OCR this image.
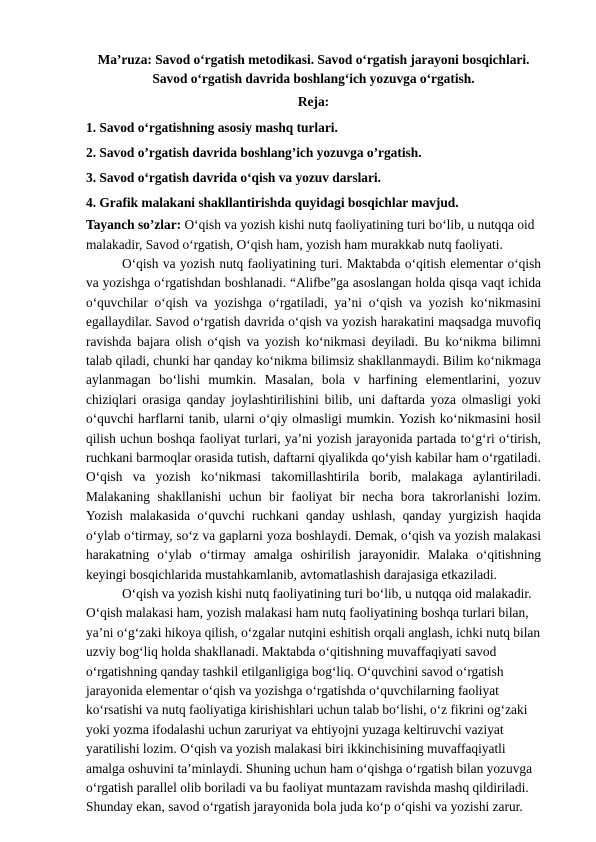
Ma’ruza: Savod o‘rgatish metodikasi. Savod o‘rgatish jarayoni bosqichlari.
Savod o‘rgatish davrida boshlang‘ich yozuvga o‘rgatish.
Reja:
1. Savod o‘rgatishning asosiy mashq turlari.
2. Savod o’rgatish davrida boshlang’ich yozuvga o’rgatish.
3. Savod o‘rgatish davrida o‘qish va yozuv darslari.
4. Grafik malakani shakllantirishda quyidagi bosqichlar mavjud.

Tayanch so’zlar: O‘qish va yozish kishi nutq faoliyatining turi bo‘lib, u nutqqa oid malakadir, Savod o‘rgatish, O‘qish ham, yozish ham murakkab nutq faoliyati.

O‘qish va yozish nutq faoliyatining turi. Maktabda o‘qitish elementar o‘qish va yozishga o‘rgatishdan boshlanadi. “Alifbe”ga asoslangan holda qisqa vaqt ichida o‘quvchilar o‘qish va yozishga o‘rgatiladi, ya’ni o‘qish va yozish ko‘nikmasini egallaydilar. Savod o‘rgatish davrida o‘qish va yozish harakatini maqsadga muvofiq ravishda bajara olish o‘qish va yozish ko‘nikmasi deyiladi. Bu ko‘nikma bilimni talab qiladi, chunki har qanday ko‘nikma bilimsiz shakllanmaydi. Bilim ko‘nikmaga aylanmagan bo‘lishi mumkin. Masalan, bola v harfining elementlarini, yozuv chiziqlari orasiga qanday joylashtirilishini bilib, uni daftarda yoza olmasligi yoki o‘quvchi harflarni tanib, ularni o‘qiy olmasligi mumkin. Yozish ko‘nikmasini hosil qilish uchun boshqa faoliyat turlari, ya’ni yozish jarayonida partada to‘g‘ri o‘tirish, ruchkani barmoqlar orasida tutish, daftarni qiyalikda qo‘yish kabilar ham o‘rgatiladi. O‘qish va yozish ko‘nikmasi takomillashtirila borib, malakaga aylantiriladi. Malakaning shakllanishi uchun bir faoliyat bir necha bora takrorlanishi lozim. Yozish malakasida o‘quvchi ruchkani qanday ushlash, qanday yurgizish haqida o‘ylab o‘tirmay, so‘z va gaplarni yoza boshlaydi. Demak, o‘qish va yozish malakasi harakatning o‘ylab o‘tirmay amalga oshirilish jarayonidir. Malaka o‘qitishning keyingi bosqichlarida mustahkamlanib, avtomatlashish darajasiga etkaziladi.

O‘qish va yozish kishi nutq faoliyatining turi bo‘lib, u nutqqa oid malakadir. O‘qish malakasi ham, yozish malakasi ham nutq faoliyatining boshqa turlari bilan, ya’ni o‘g‘zaki hikoya qilish, o‘zgalar nutqini eshitish orqali anglash, ichki nutq bilan uzviy bog‘liq holda shakllanadi. Maktabda o‘qitishning muvaffaqiyati savod o‘rgatishning qanday tashkil etilganligiga bog‘liq. O‘quvchini savod o‘rgatish jarayonida elementar o‘qish va yozishga o‘rgatishda o‘quvchilarning faoliyat ko‘rsatishi va nutq faoliyatiga kirishishlari uchun talab bo‘lishi, o‘z fikrini og‘zaki yoki yozma ifodalashi uchun zaruriyat va ehtiyojni yuzaga keltiruvchi vaziyat yaratilishi lozim. O‘qish va yozish malakasi biri ikkinchisining muvaffaqiyatli amalga oshuvini ta’minlaydi. Shuning uchun ham o‘qishga o‘rgatish bilan yozuvga o‘rgatish parallel olib boriladi va bu faoliyat muntazam ravishda mashq qildiriladi. Shunday ekan, savod o‘rgatish jarayonida bola juda ko‘p o‘qishi va yozishi zarur.
